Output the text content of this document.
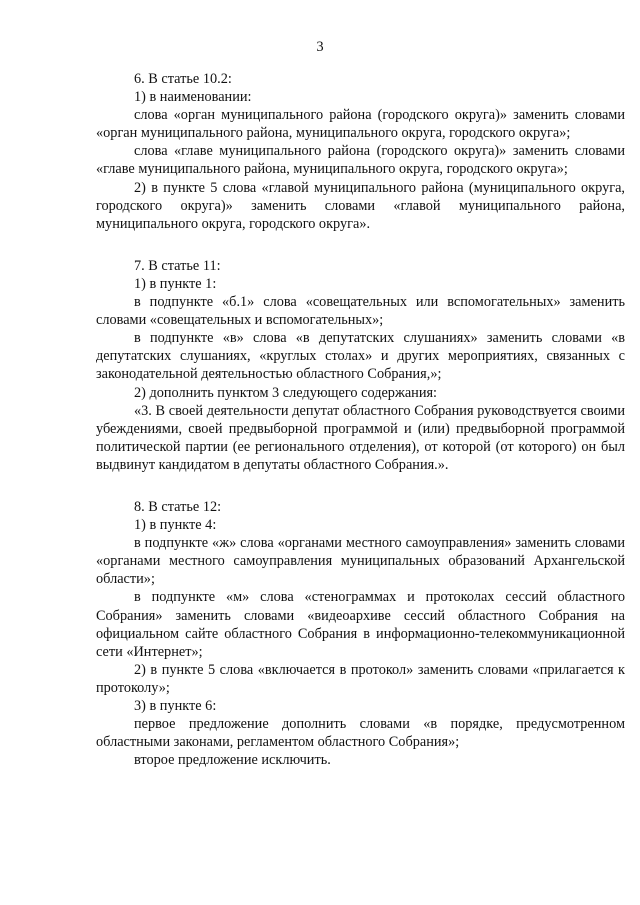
3

6. В статье 10.2:

1) в наименовании:

слова «орган муниципального района (городского округа)» заменить словами «орган муниципального района, муниципального округа, городского округа»;

слова «главе муниципального района (городского округа)» заменить словами «главе муниципального района, муниципального округа, городского округа»;

2) в пункте 5 слова «главой муниципального района (муниципального округа, городского округа)» заменить словами «главой муниципального района, муниципального округа, городского округа».

7. В статье 11:

1) в пункте 1:

в подпункте «б.1» слова «совещательных или вспомогательных» заменить словами «совещательных и вспомогательных»;

в подпункте «в» слова «в депутатских слушаниях» заменить словами «в депутатских слушаниях, «круглых столах» и других мероприятиях, связанных с законодательной деятельностью областного Собрания,»;

2) дополнить пунктом 3 следующего содержания:

«3. В своей деятельности депутат областного Собрания руководствуется своими убеждениями, своей предвыборной программой и (или) предвыборной программой политической партии (ее регионального отделения), от которой (от которого) он был выдвинут кандидатом в депутаты областного Собрания.».

8. В статье 12:

1) в пункте 4:

в подпункте «ж» слова «органами местного самоуправления» заменить словами «органами местного самоуправления муниципальных образований Архангельской области»;

в подпункте «м» слова «стенограммах и протоколах сессий областного Собрания» заменить словами «видеоархиве сессий областного Собрания на официальном сайте областного Собрания в информационно-телекоммуникационной сети «Интернет»;

2) в пункте 5 слова «включается в протокол» заменить словами «прилагается к протоколу»;

3) в пункте 6:

первое предложение дополнить словами «в порядке, предусмотренном областными законами, регламентом областного Собрания»;

второе предложение исключить.
